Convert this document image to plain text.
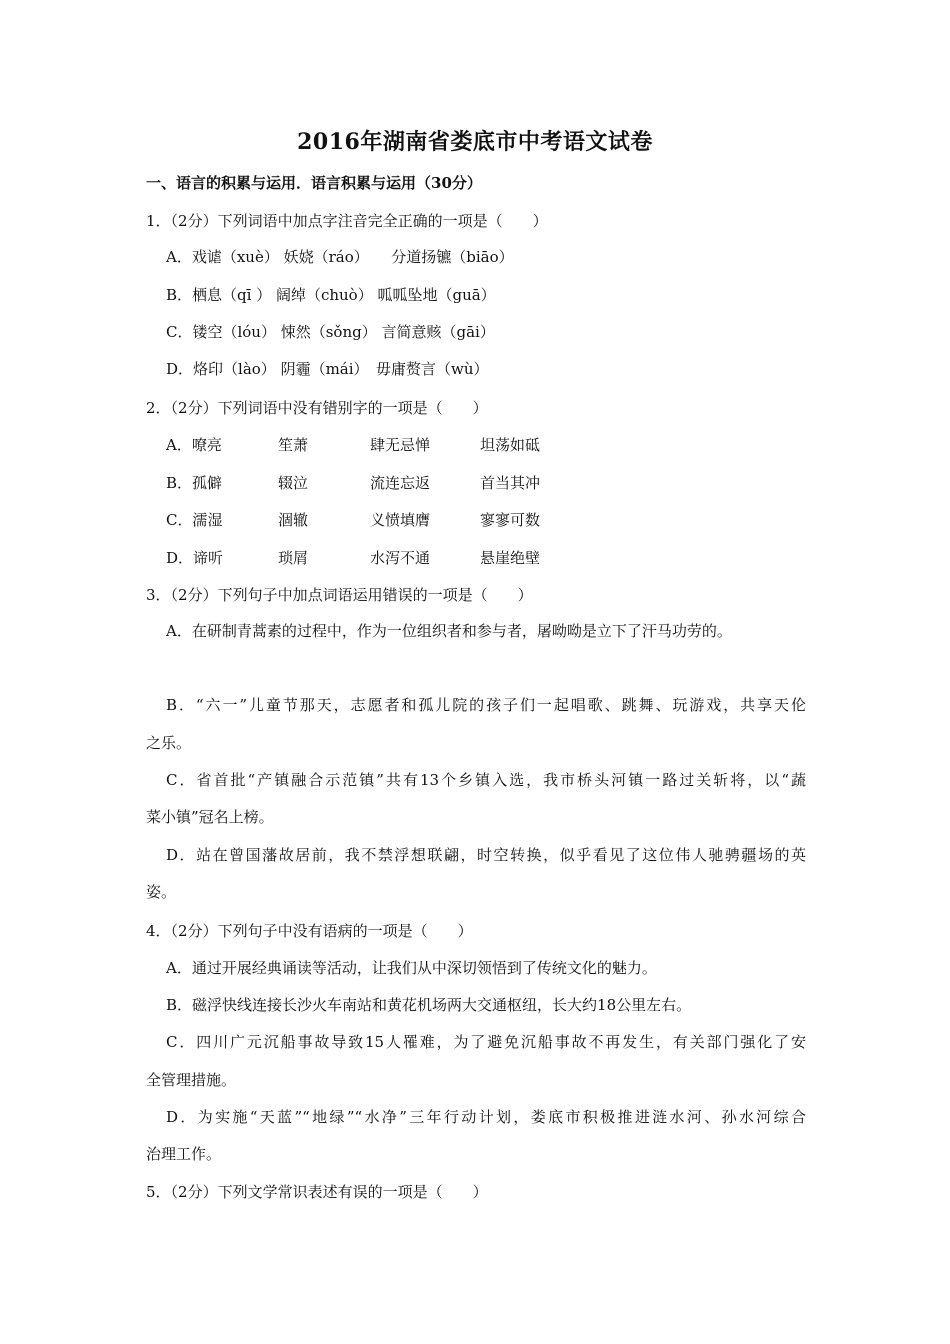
2016年湖南省娄底市中考语文试卷
一、语言的积累与运用．语言积累与运用（30分）
1．（2分）下列词语中加点字注音完全正确的一项是（　　）
A．戏谑（xuè） 妖娆（ráo）　　分道扬镳（biāo）
B．栖息（qī ） 阔绰（chuò） 呱呱坠地（guā）
C．镂空（lóu） 悚然（sǒng） 言简意赅（gāi）
D．烙印（lào） 阴霾（mái）　毋庸赘言（wù）
2．（2分）下列词语中没有错别字的一项是（　　）
A．嘹亮	笙萧	肆无忌惮	坦荡如砥
B．孤僻	辍泣	流连忘返	首当其冲
C．濡湿	涸辙	义愤填膺	寥寥可数
D．谛听	琐屑	水泻不通	悬崖绝壁
3．（2分）下列句子中加点词语运用错误的一项是（　　）
A．在研制青蒿素的过程中，作为一位组织者和参与者，屠呦呦是立下了汗马功劳的。
B．“六一”儿童节那天，志愿者和孤儿院的孩子们一起唱歌、跳舞、玩游戏，共享天伦
之乐。
C．省首批“产镇融合示范镇”共有13个乡镇入选，我市桥头河镇一路过关斩将，以“蔬
菜小镇”冠名上榜。
D．站在曾国藩故居前，我不禁浮想联翩，时空转换，似乎看见了这位伟人驰骋疆场的英
姿。
4．（2分）下列句子中没有语病的一项是（　　）
A．通过开展经典诵读等活动，让我们从中深切领悟到了传统文化的魅力。
B．磁浮快线连接长沙火车南站和黄花机场两大交通枢纽，长大约18公里左右。
C．四川广元沉船事故导致15人罹难，为了避免沉船事故不再发生，有关部门强化了安
全管理措施。
D．为实施“天蓝”“地绿”“水净”三年行动计划，娄底市积极推进涟水河、孙水河综合
治理工作。
5．（2分）下列文学常识表述有误的一项是（　　）
